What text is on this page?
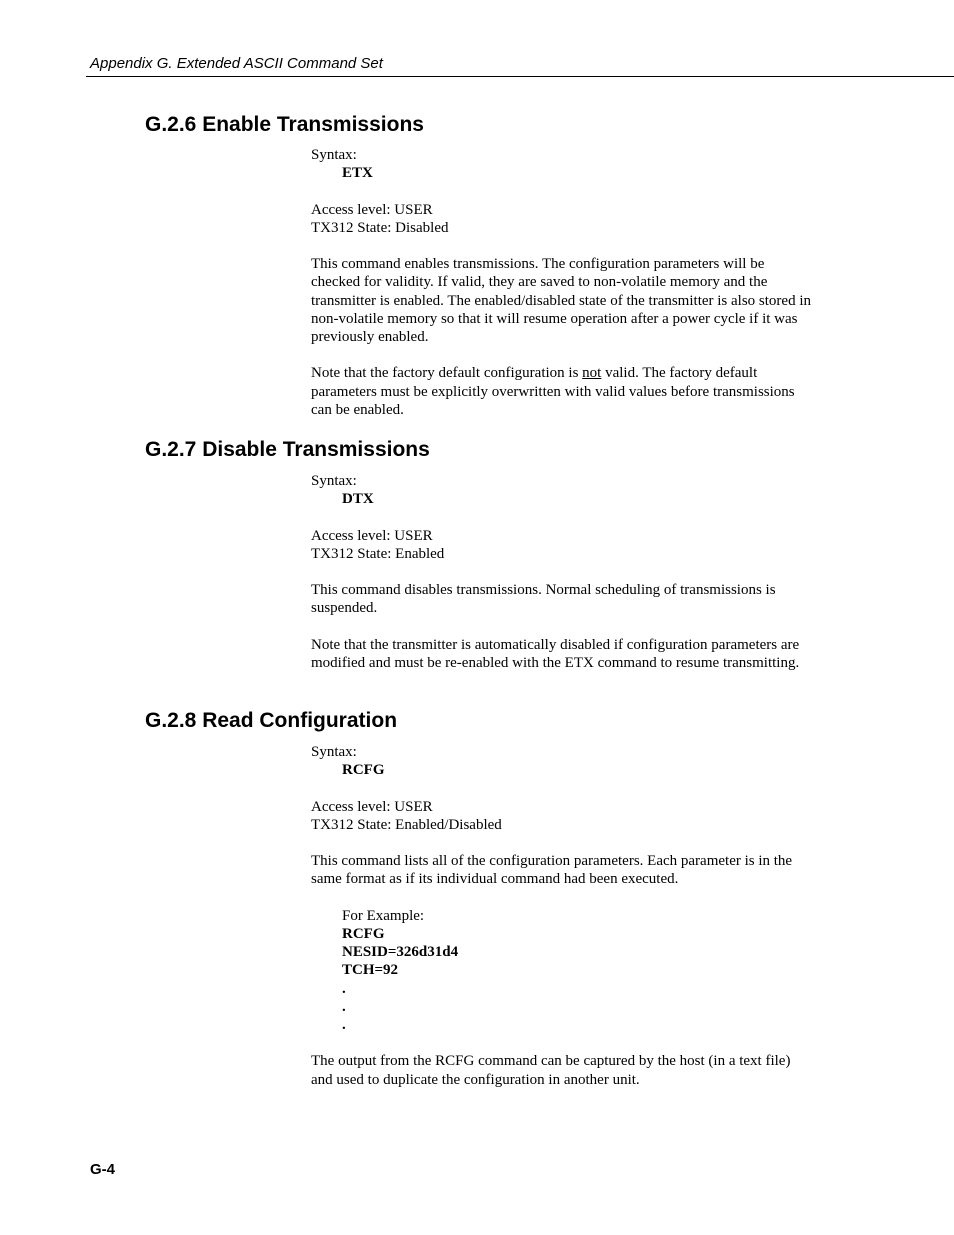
Appendix G. Extended ASCII Command Set
G.2.6 Enable Transmissions

Syntax:

ETX

Access level: USER

TX312 State: Disabled

This command enables transmissions. The configuration parameters will be checked for validity. If valid, they are saved to non-volatile memory and the transmitter is enabled. The enabled/disabled state of the transmitter is also stored in non-volatile memory so that it will resume operation after a power cycle if it was previously enabled.

Note that the factory default configuration is not valid. The factory default parameters must be explicitly overwritten with valid values before transmissions can be enabled.

G.2.7 Disable Transmissions

Syntax:

DTX

Access level: USER

TX312 State: Enabled

This command disables transmissions. Normal scheduling of transmissions is suspended.

Note that the transmitter is automatically disabled if configuration parameters are modified and must be re-enabled with the ETX command to resume transmitting.

G.2.8 Read Configuration

Syntax:

RCFG

Access level: USER

TX312 State: Enabled/Disabled

This command lists all of the configuration parameters. Each parameter is in the same format as if its individual command had been executed.

For Example:

RCFG

NESID=326d31d4

TCH=92

.

.

.

The output from the RCFG command can be captured by the host (in a text file) and used to duplicate the configuration in another unit.

G-4
